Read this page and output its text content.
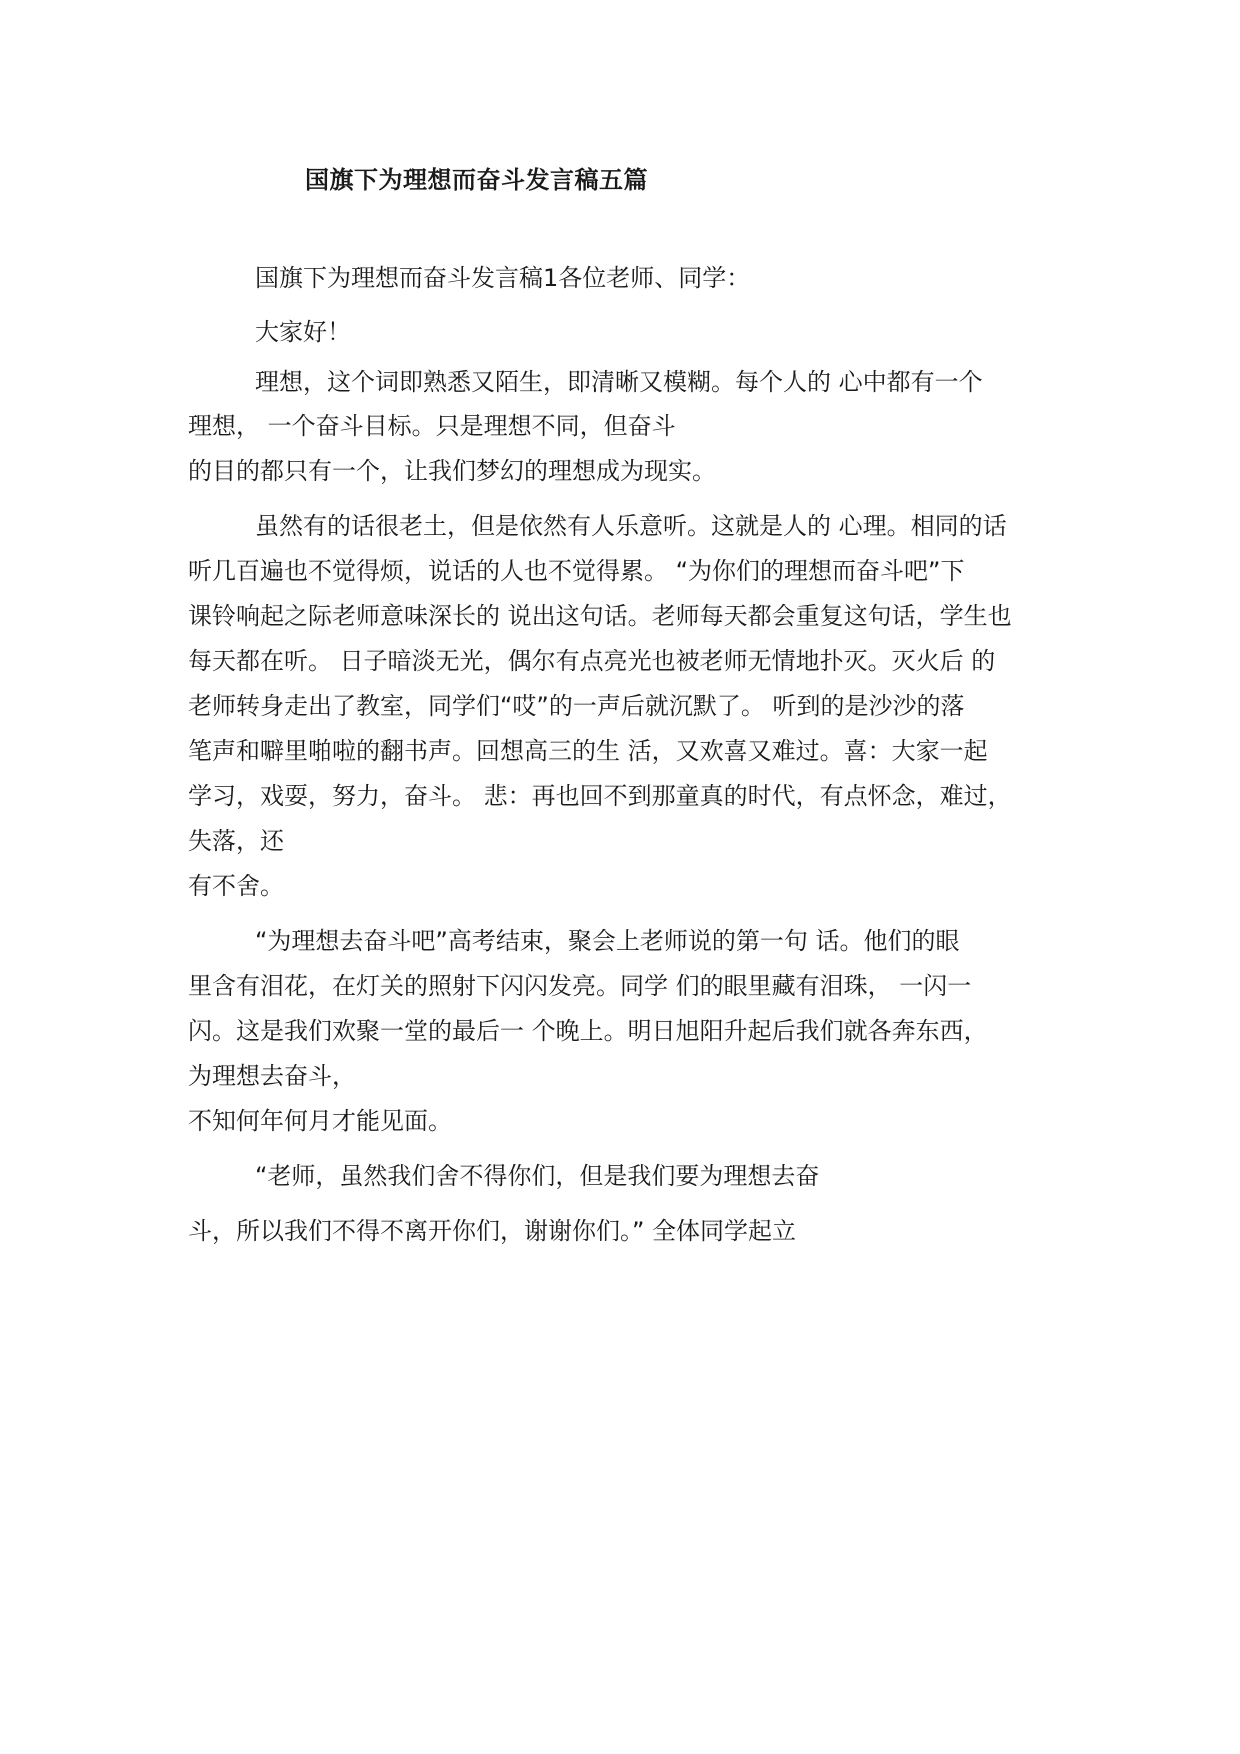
国旗下为理想而奋斗发言稿五篇
国旗下为理想而奋斗发言稿1各位老师、同学：
大家好！
理想，这个词即熟悉又陌生，即清晰又模糊。每个人的 心中都有一个
理想， 一个奋斗目标。只是理想不同，但奋斗
的目的都只有一个，让我们梦幻的理想成为现实。
虽然有的话很老土，但是依然有人乐意听。这就是人的 心理。相同的话
听几百遍也不觉得烦，说话的人也不觉得累。 “为你们的理想而奋斗吧”下
课铃响起之际老师意味深长的 说出这句话。老师每天都会重复这句话，学生也
每天都在听。 日子暗淡无光，偶尔有点亮光也被老师无情地扑灭。灭火后 的
老师转身走出了教室，同学们“哎”的一声后就沉默了。 听到的是沙沙的落
笔声和噼里啪啦的翻书声。回想高三的生 活，又欢喜又难过。喜：大家一起
学习，戏耍，努力，奋斗。 悲：再也回不到那童真的时代，有点怀念，难过，
失落，还
有不舍。
“为理想去奋斗吧”高考结束，聚会上老师说的第一句 话。他们的眼
里含有泪花，在灯关的照射下闪闪发亮。同学 们的眼里藏有泪珠， 一闪一
闪。这是我们欢聚一堂的最后一 个晚上。明日旭阳升起后我们就各奔东西，
为理想去奋斗，
不知何年何月才能见面。
“老师，虽然我们舍不得你们，但是我们要为理想去奋
斗，所以我们不得不离开你们，谢谢你们。” 全体同学起立
